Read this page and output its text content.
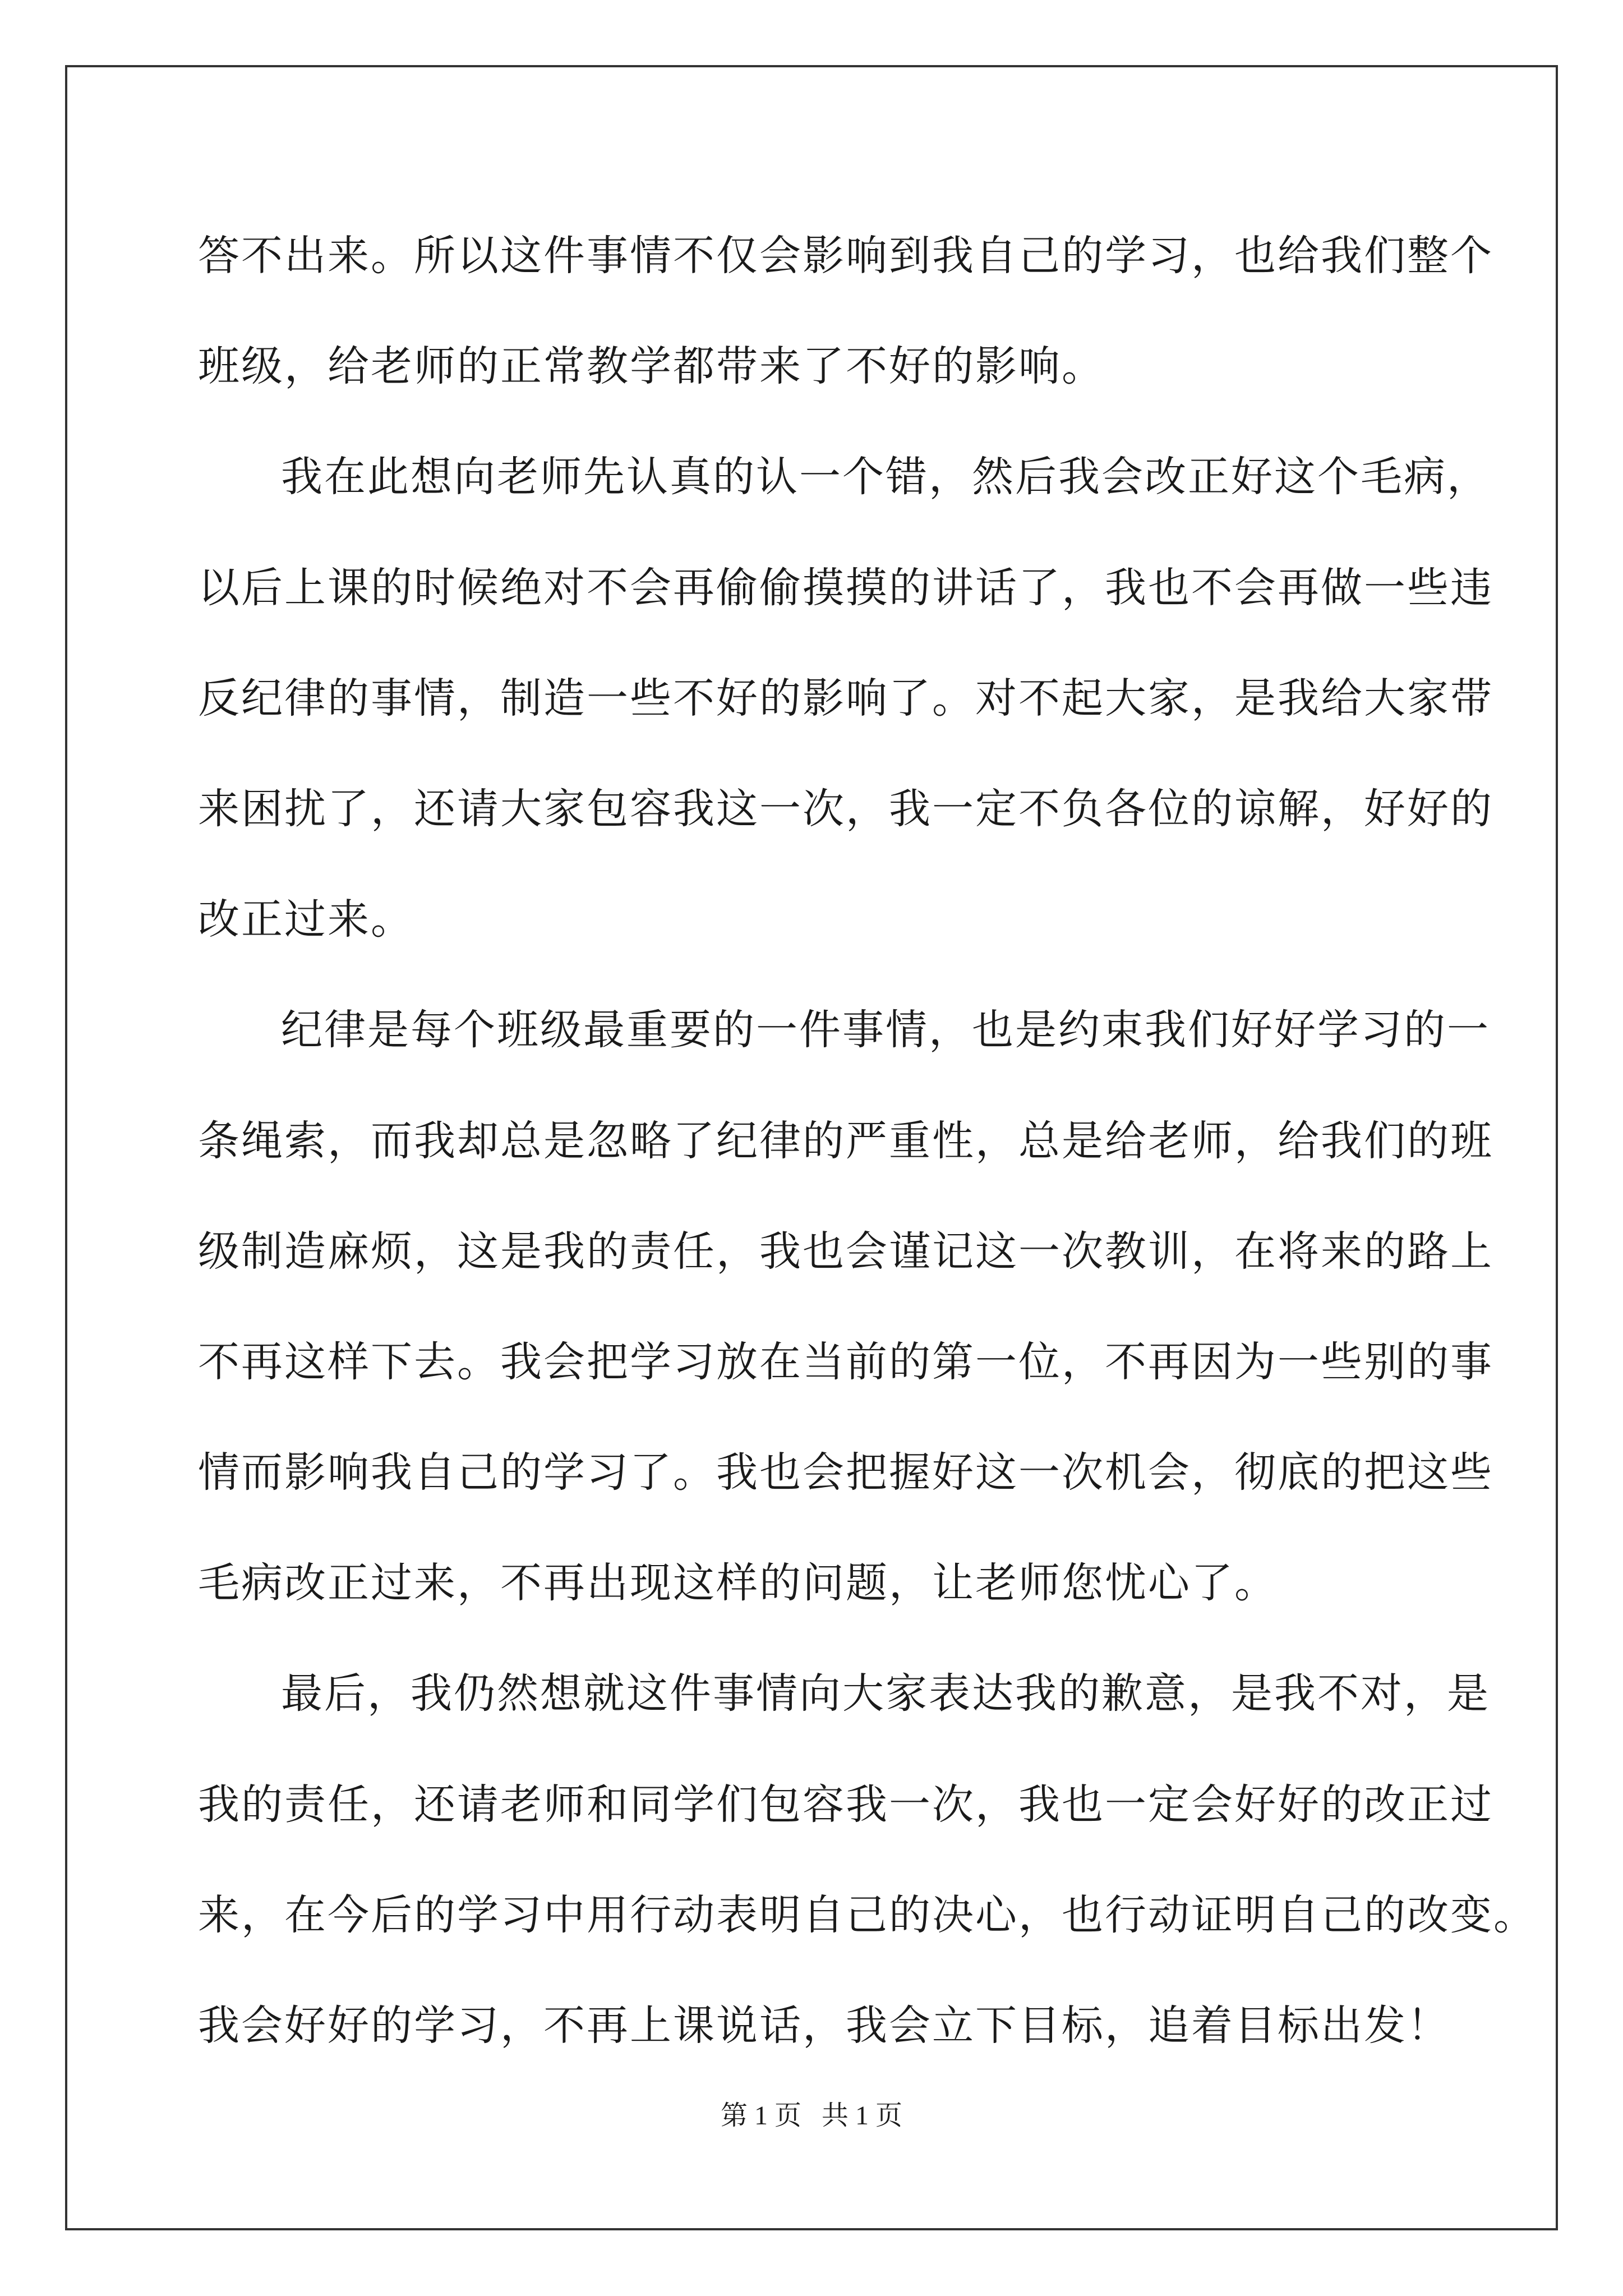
答不出来。所以这件事情不仅会影响到我自己的学习，也给我们整个
班级，给老师的正常教学都带来了不好的影响。
我在此想向老师先认真的认一个错，然后我会改正好这个毛病，
以后上课的时候绝对不会再偷偷摸摸的讲话了，我也不会再做一些违
反纪律的事情，制造一些不好的影响了。对不起大家，是我给大家带
来困扰了，还请大家包容我这一次，我一定不负各位的谅解，好好的
改正过来。
纪律是每个班级最重要的一件事情，也是约束我们好好学习的一
条绳索，而我却总是忽略了纪律的严重性，总是给老师，给我们的班
级制造麻烦，这是我的责任，我也会谨记这一次教训，在将来的路上
不再这样下去。我会把学习放在当前的第一位，不再因为一些别的事
情而影响我自己的学习了。我也会把握好这一次机会，彻底的把这些
毛病改正过来，不再出现这样的问题，让老师您忧心了。
最后，我仍然想就这件事情向大家表达我的歉意，是我不对，是
我的责任，还请老师和同学们包容我一次，我也一定会好好的改正过
来，在今后的学习中用行动表明自己的决心，也行动证明自己的改变。
我会好好的学习，不再上课说话，我会立下目标，追着目标出发！
第 1 页   共 1 页
